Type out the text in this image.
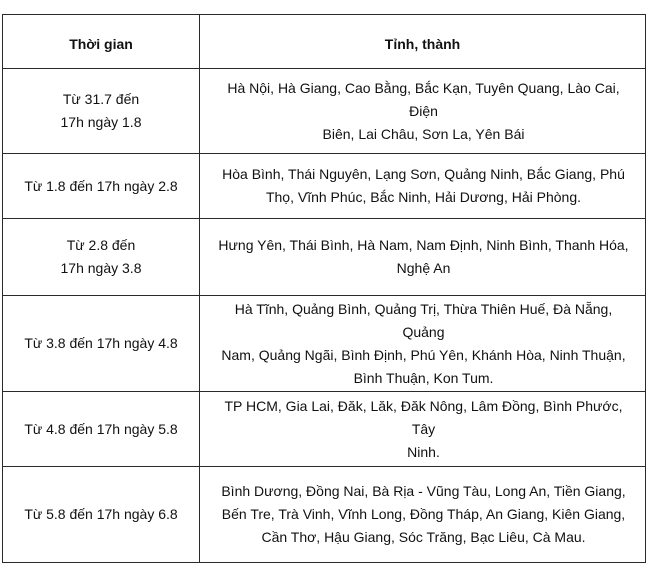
Thời gian	Tỉnh, thành

Từ 31.7 đến
17h ngày 1.8	Hà Nội, Hà Giang, Cao Bằng, Bắc Kạn, Tuyên Quang, Lào Cai, Điện
Biên, Lai Châu, Sơn La, Yên Bái

Từ 1.8 đến 17h ngày 2.8	Hòa Bình, Thái Nguyên, Lạng Sơn, Quảng Ninh, Bắc Giang, Phú
Thọ, Vĩnh Phúc, Bắc Ninh, Hải Dương, Hải Phòng.

Từ 2.8 đến
17h ngày 3.8	Hưng Yên, Thái Bình, Hà Nam, Nam Định, Ninh Bình, Thanh Hóa,
Nghệ An

Từ 3.8 đến 17h ngày 4.8	Hà Tĩnh, Quảng Bình, Quảng Trị, Thừa Thiên Huế, Đà Nẵng, Quảng
Nam, Quảng Ngãi, Bình Định, Phú Yên, Khánh Hòa, Ninh Thuận,
Bình Thuận, Kon Tum.

Từ 4.8 đến 17h ngày 5.8	TP HCM, Gia Lai, Đăk, Lăk, Đăk Nông, Lâm Đồng, Bình Phước, Tây
Ninh.

Từ 5.8 đến 17h ngày 6.8	Bình Dương, Đồng Nai, Bà Rịa - Vũng Tàu, Long An, Tiền Giang,
Bến Tre, Trà Vinh, Vĩnh Long, Đồng Tháp, An Giang, Kiên Giang,
Cần Thơ, Hậu Giang, Sóc Trăng, Bạc Liêu, Cà Mau.
